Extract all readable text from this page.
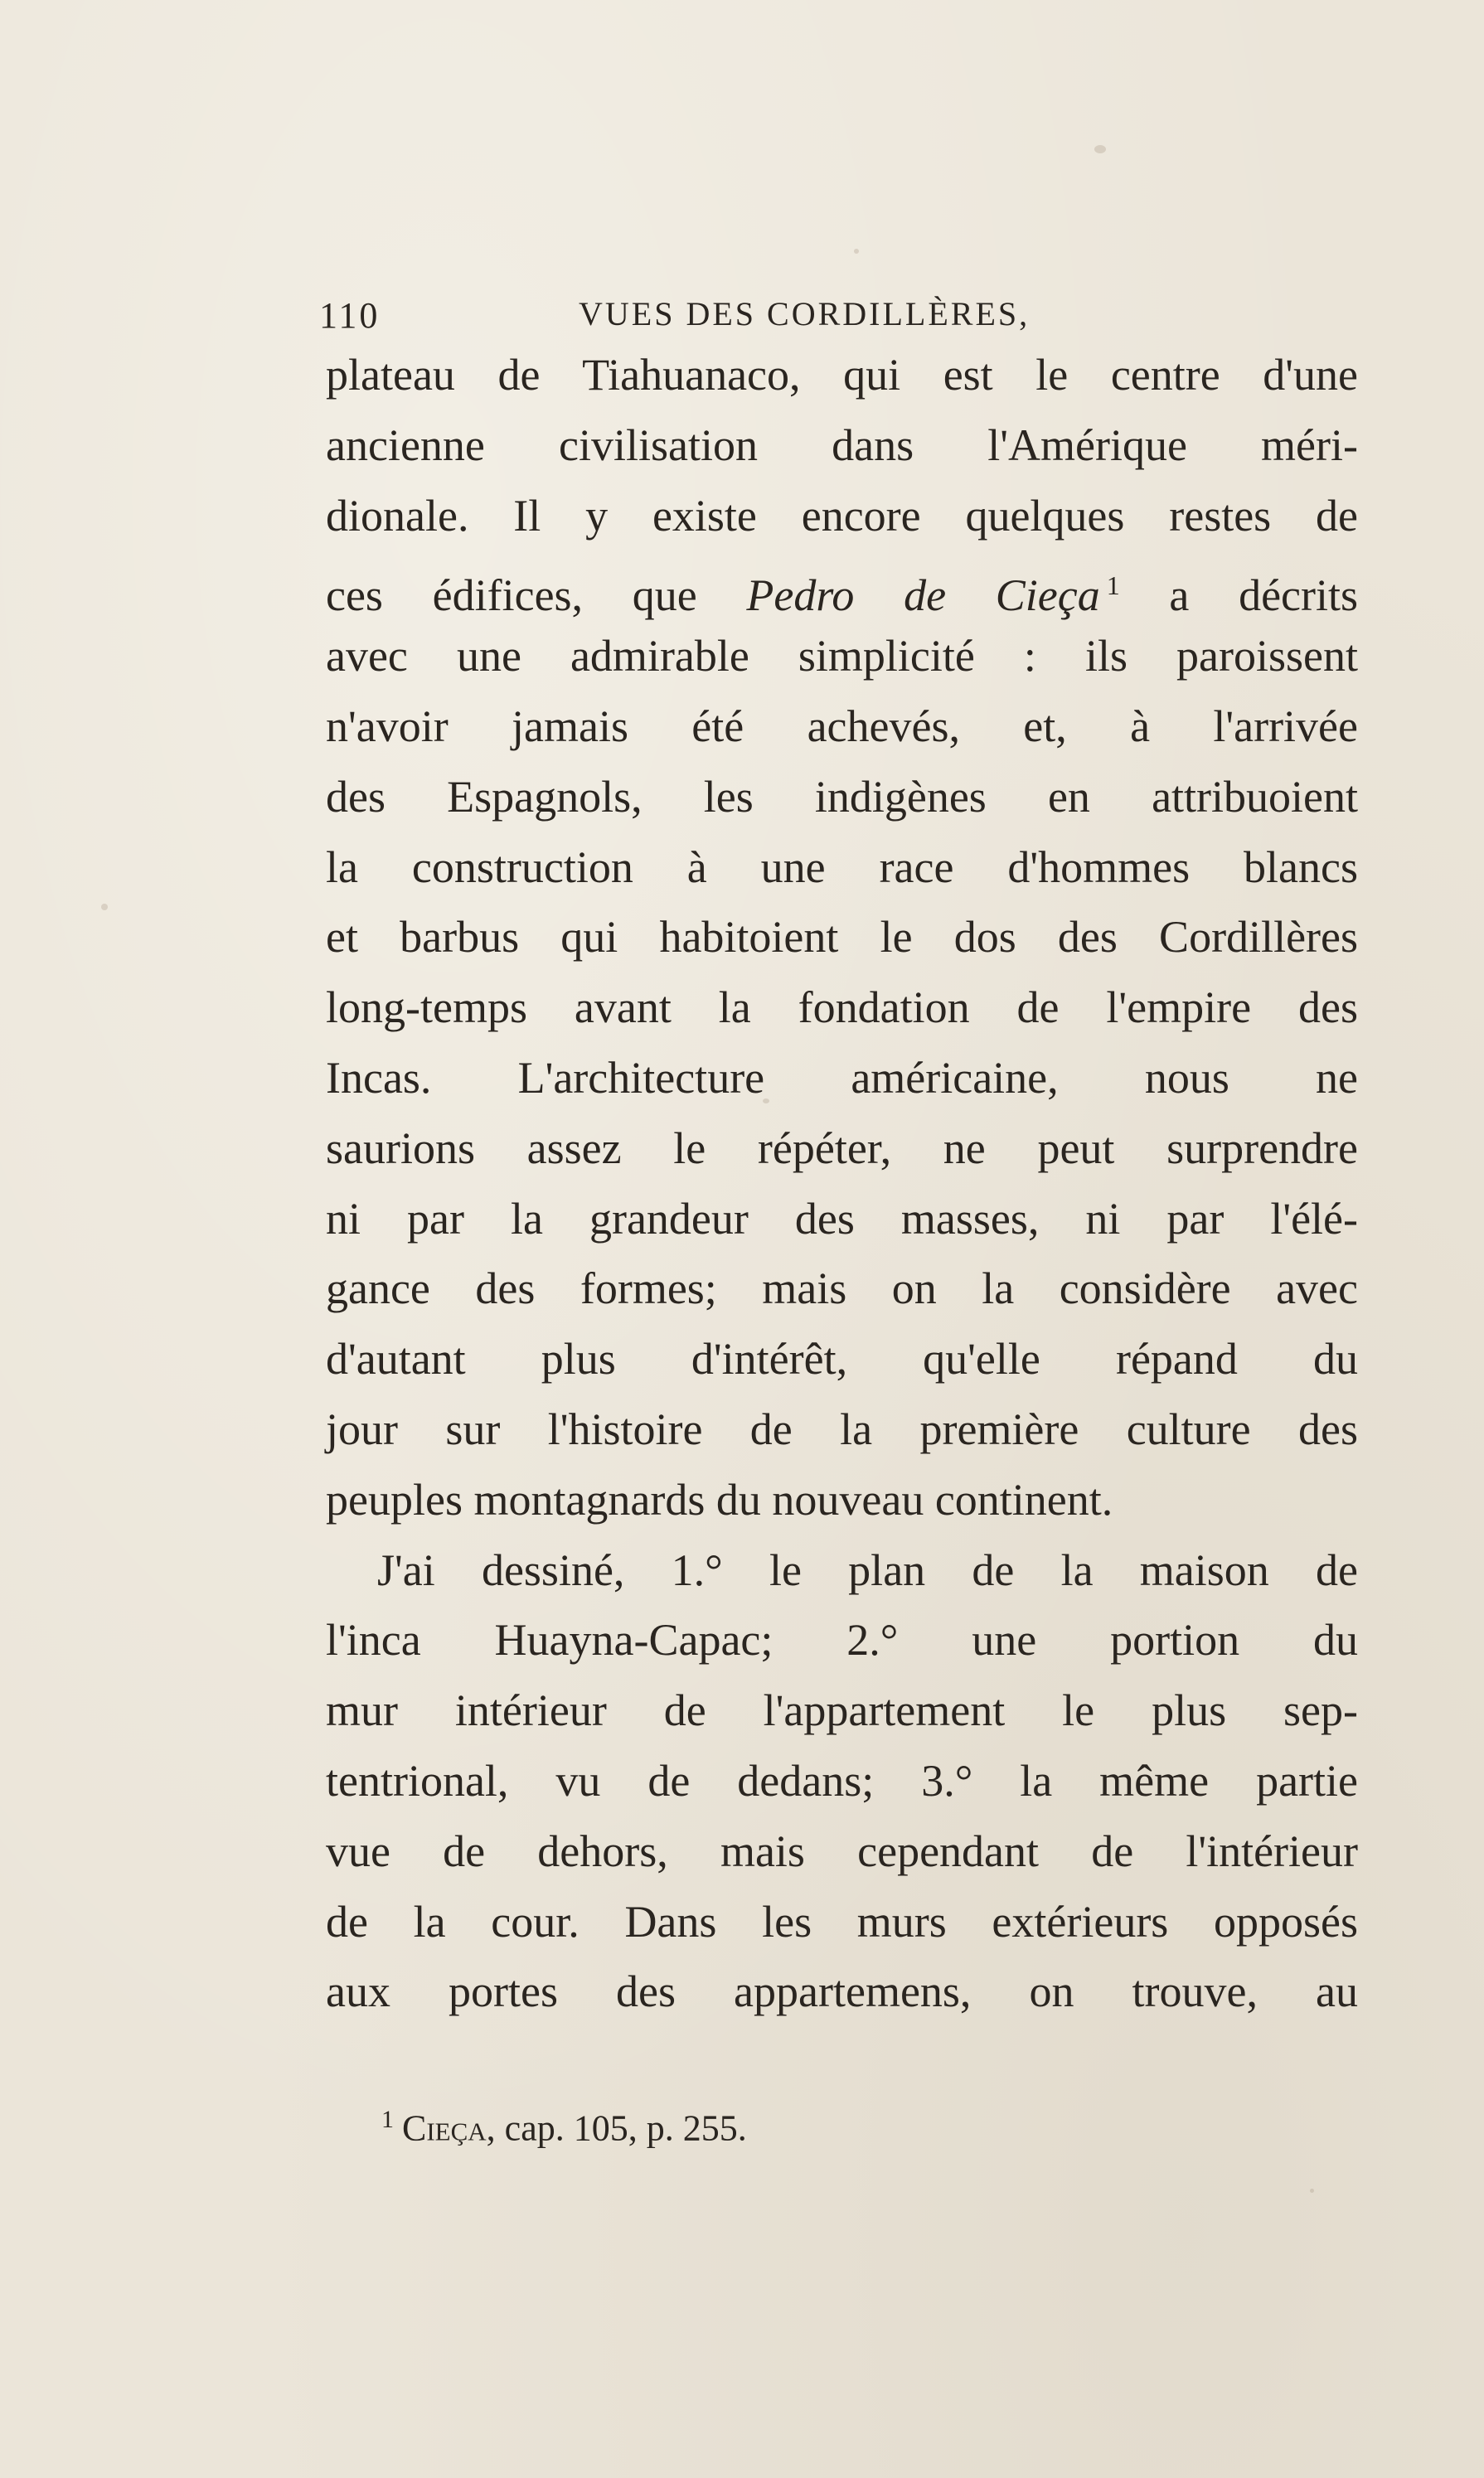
110	VUES DES CORDILLÈRES,
plateau de Tiahuanaco, qui est le centre d'une
ancienne civilisation dans l'Amérique méri-
dionale. Il y existe encore quelques restes de
ces édifices, que Pedro de Cieça $^1$ a décrits
avec une admirable simplicité : ils paroissent
n'avoir jamais été achevés, et, à l'arrivée
des Espagnols, les indigènes en attribuoient
la construction à une race d'hommes blancs
et barbus qui habitoient le dos des Cordillères
long-temps avant la fondation de l'empire des
Incas. L'architecture américaine, nous ne
saurions assez le répéter, ne peut surprendre
ni par la grandeur des masses, ni par l'élé-
gance des formes; mais on la considère avec
d'autant plus d'intérêt, qu'elle répand du
jour sur l'histoire de la première culture des
peuples montagnards du nouveau continent.
J'ai dessiné, 1.° le plan de la maison de
l'inca Huayna-Capac; 2.° une portion du
mur intérieur de l'appartement le plus sep-
tentrional, vu de dedans; 3.° la même partie
vue de dehors, mais cependant de l'intérieur
de la cour. Dans les murs extérieurs opposés
aux portes des appartemens, on trouve, au
$^1$ Cieça, cap. 105, p. 255.
